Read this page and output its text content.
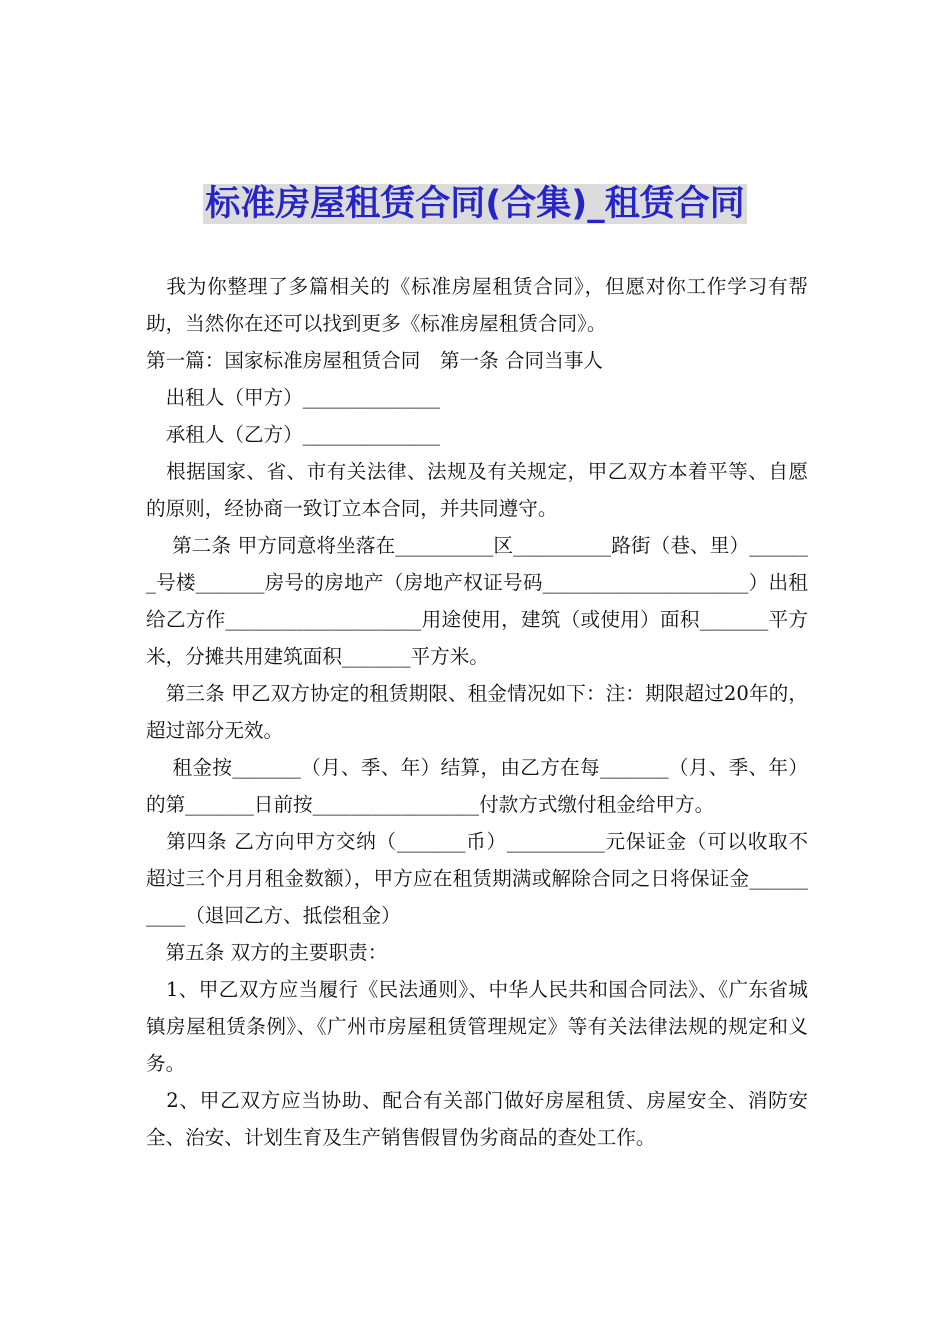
标准房屋租赁合同(合集)_租赁合同

　我为你整理了多篇相关的《标准房屋租赁合同》，但愿对你工作学习有帮助，当然你在还可以找到更多《标准房屋租赁合同》。

第一篇：国家标准房屋租赁合同　第一条 合同当事人

　出租人（甲方）______________

　承租人（乙方）______________

　根据国家、省、市有关法律、法规及有关规定，甲乙双方本着平等、自愿的原则，经协商一致订立本合同，并共同遵守。

　 第二条 甲方同意将坐落在__________区__________路街（巷、里）_______号楼_______房号的房地产（房地产权证号码_____________________）出租给乙方作____________________用途使用，建筑（或使用）面积_______平方米，分摊共用建筑面积_______平方米。

　第三条 甲乙双方协定的租赁期限、租金情况如下：注：期限超过20年的，超过部分无效。

　 租金按_______（月、季、年）结算，由乙方在每_______（月、季、年）的第_______日前按_________________付款方式缴付租金给甲方。

　第四条 乙方向甲方交纳（_______币）__________元保证金（可以收取不超过三个月月租金数额），甲方应在租赁期满或解除合同之日将保证金__________（退回乙方、抵偿租金）

　第五条 双方的主要职责：

　1、甲乙双方应当履行《民法通则》、中华人民共和国合同法》、《广东省城镇房屋租赁条例》、《广州市房屋租赁管理规定》等有关法律法规的规定和义务。

　2、甲乙双方应当协助、配合有关部门做好房屋租赁、房屋安全、消防安全、治安、计划生育及生产销售假冒伪劣商品的查处工作。
